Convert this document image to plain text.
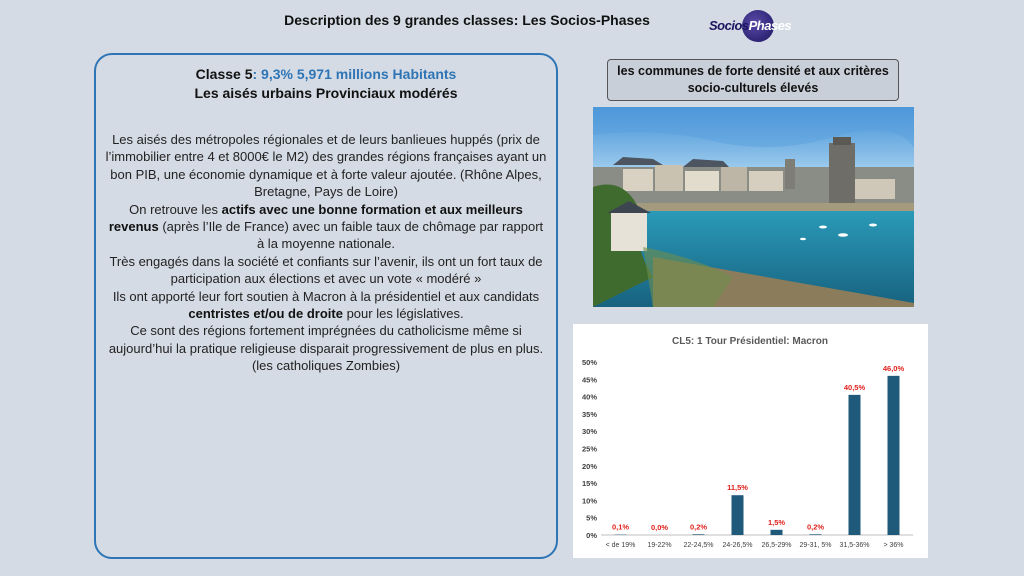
Description des 9 grandes classes: Les Socios-Phases	SociosPhases
Classe 5: 9,3% 5,971 millions Habitants
Les aisés urbains Provinciaux modérés

Les aisés des métropoles régionales et de leurs banlieues huppés (prix de l’immobilier entre 4 et 8000€ le M2) des grandes régions françaises ayant un bon PIB, une économie dynamique et à forte valeur ajoutée. (Rhône Alpes, Bretagne, Pays de Loire)

On retrouve les actifs avec une bonne formation et aux meilleurs revenus (après l’Ile de France) avec un faible taux de chômage par rapport à la moyenne nationale.

Très engagés dans la société et confiants sur l’avenir, ils ont un fort taux de participation aux élections et avec un vote « modéré »

Ils ont apporté leur fort soutien à Macron à la présidentiel et aux candidats centristes et/ou de droite pour les législatives.

Ce sont des régions fortement imprégnées du catholicisme même si aujourd’hui la pratique religieuse disparait progressivement de plus en plus. (les catholiques Zombies)

les communes de forte densité et aux critères socio-culturels élevés
CL5: 1 Tour Présidentiel: Macron
0%
5%
10%
15%
20%
25%
30%
35%
40%
45%
50%
0,1%
< de 19%
0,0%
19-22%
0,2%
22-24,5%
11,5%
24-26,5%
1,5%
26,5-29%
0,2%
29-31, 5%
40,5%
31,5-36%
46,0%
> 36%
